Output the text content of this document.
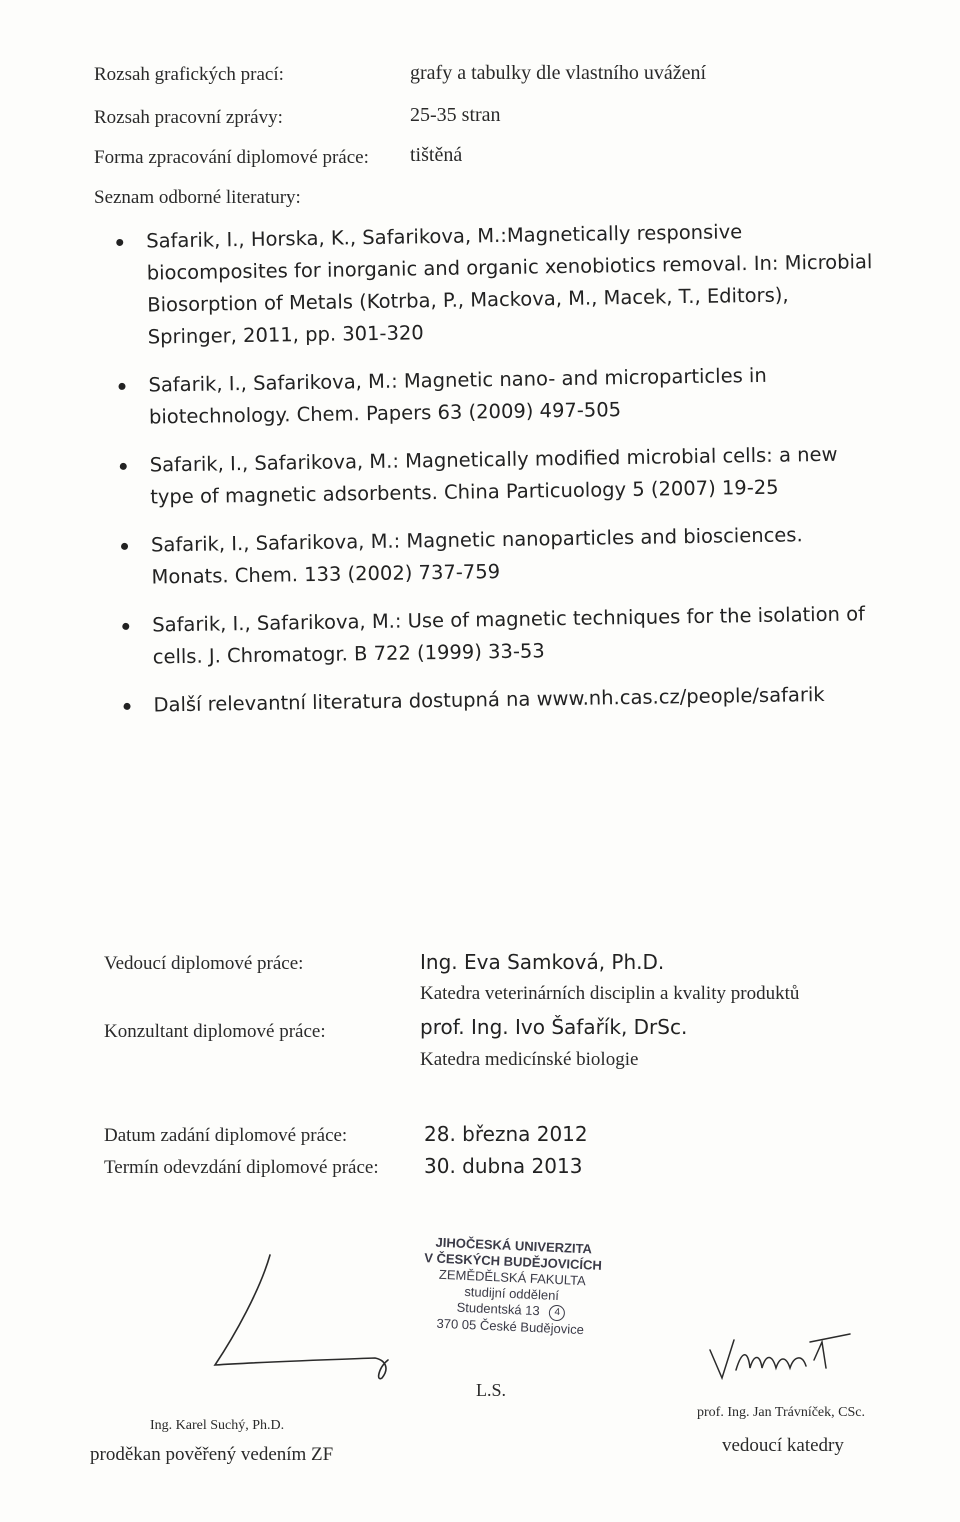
Rozsah grafických prací:	grafy a tabulky dle vlastního uvážení
Rozsah pracovní zprávy:	25-35 stran
Forma zpracování diplomové práce: tištěná
Seznam odborné literatury:
Safarik, I., Horska, K., Safarikova, M.:Magnetically responsive biocomposites for inorganic and organic xenobiotics removal. In: Microbial Biosorption of Metals (Kotrba, P., Mackova, M., Macek, T., Editors), Springer, 2011, pp. 301-320
Safarik, I., Safarikova, M.: Magnetic nano- and microparticles in biotechnology. Chem. Papers 63 (2009) 497-505
Safarik, I., Safarikova, M.: Magnetically modified microbial cells: a new type of magnetic adsorbents. China Particuology 5 (2007) 19-25
Safarik, I., Safarikova, M.: Magnetic nanoparticles and biosciences. Monats. Chem. 133 (2002) 737-759
Safarik, I., Safarikova, M.: Use of magnetic techniques for the isolation of cells. J. Chromatogr. B 722 (1999) 33-53
Další relevantní literatura dostupná na www.nh.cas.cz/people/safarik
Vedoucí diplomové práce:	Ing. Eva Samková, Ph.D.
Katedra veterinárních disciplin a kvality produktů
Konzultant diplomové práce:	prof. Ing. Ivo Šafařík, DrSc.
Katedra medicínské biologie
Datum zadání diplomové práce:	28. března 2012
Termín odevzdání diplomové práce: 30. dubna 2013
JIHOČESKÁ UNIVERZITA
V ČESKÝCH BUDĚJOVICÍCH
ZEMĚDĚLSKÁ FAKULTA
studijní oddělení
Studentská 13 4
370 05 České Budějovice
L.S.
Ing. Karel Suchý, Ph.D.
proděkan pověřený vedením ZF
prof. Ing. Jan Trávníček, CSc.
vedoucí katedry
